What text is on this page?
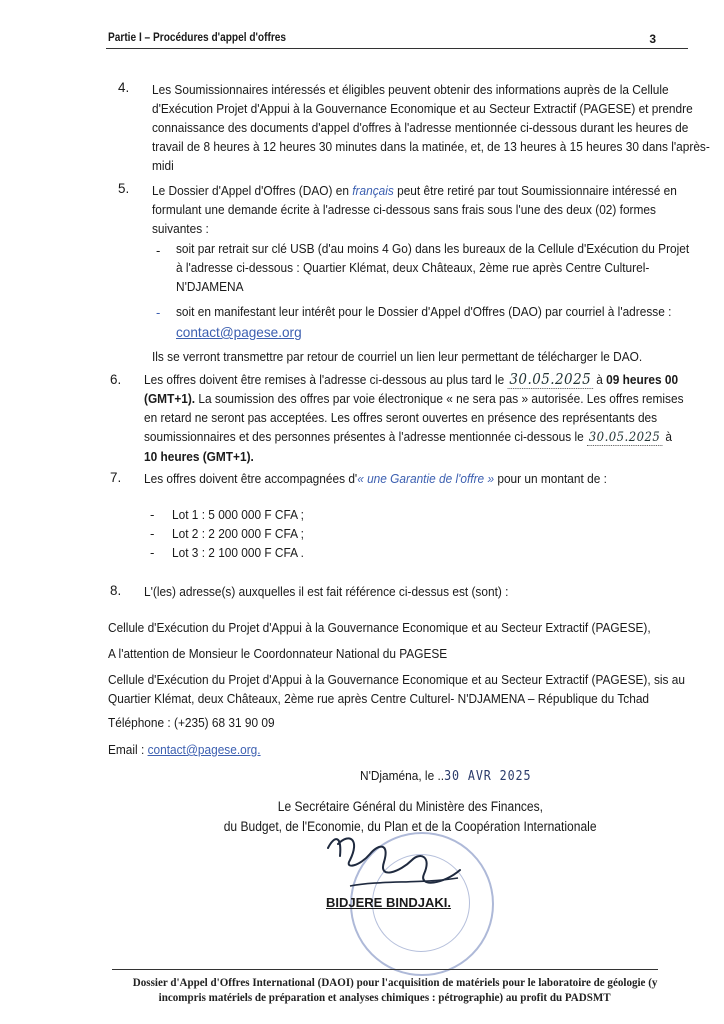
Partie I – Procédures d'appel d'offres	3
4. Les Soumissionnaires intéressés et éligibles peuvent obtenir des informations auprès de la Cellule
d'Exécution Projet d'Appui à la Gouvernance Economique et au Secteur Extractif (PAGESE) et prendre
connaissance des documents d'appel d'offres à l'adresse mentionnée ci-dessous durant les heures de
travail de 8 heures à 12 heures 30 minutes dans la matinée, et, de 13 heures à 15 heures 30 dans l'après-
midi
5. Le Dossier d'Appel d'Offres (DAO) en français peut être retiré par tout Soumissionnaire intéressé en
formulant une demande écrite à l'adresse ci-dessous sans frais sous l'une des deux (02) formes
suivantes :
- soit par retrait sur clé USB (d'au moins 4 Go) dans les bureaux de la Cellule d'Exécution du Projet
à l'adresse ci-dessous : Quartier Klémat, deux Châteaux, 2ème rue après Centre Culturel-
N'DJAMENA
- soit en manifestant leur intérêt pour le Dossier d'Appel d'Offres (DAO) par courriel à l'adresse :
contact@pagese.org
Ils se verront transmettre par retour de courriel un lien leur permettant de télécharger le DAO.
6. Les offres doivent être remises à l'adresse ci-dessous au plus tard le 30.05.2025 à 09 heures 00
(GMT+1). La soumission des offres par voie électronique « ne sera pas » autorisée. Les offres remises
en retard ne seront pas acceptées. Les offres seront ouvertes en présence des représentants des
soumissionnaires et des personnes présentes à l'adresse mentionnée ci-dessous le 30.05.2025 à
10 heures (GMT+1).
7. Les offres doivent être accompagnées d'« une Garantie de l'offre » pour un montant de :
- Lot 1 : 5 000 000 F CFA ;
- Lot 2 : 2 200 000 F CFA ;
- Lot 3 : 2 100 000 F CFA .
8. L'(les) adresse(s) auxquelles il est fait référence ci-dessus est (sont) :
Cellule d'Exécution du Projet d'Appui à la Gouvernance Economique et au Secteur Extractif (PAGESE),
A l'attention de Monsieur le Coordonnateur National du PAGESE
Cellule d'Exécution du Projet d'Appui à la Gouvernance Economique et au Secteur Extractif (PAGESE), sis au
Quartier Klémat, deux Châteaux, 2ème rue après Centre Culturel- N'DJAMENA – République du Tchad
Téléphone : (+235) 68 31 90 09
Email : contact@pagese.org.
N'Djaména, le ..30 AVR 2025
Le Secrétaire Général du Ministère des Finances,
du Budget, de l'Economie, du Plan et de la Coopération Internationale
BIDJERE BINDJAKI.
Dossier d'Appel d'Offres International (DAOI) pour l'acquisition de matériels pour le laboratoire de géologie (y
incompris matériels de préparation et analyses chimiques : pétrographie) au profit du PADSMT
